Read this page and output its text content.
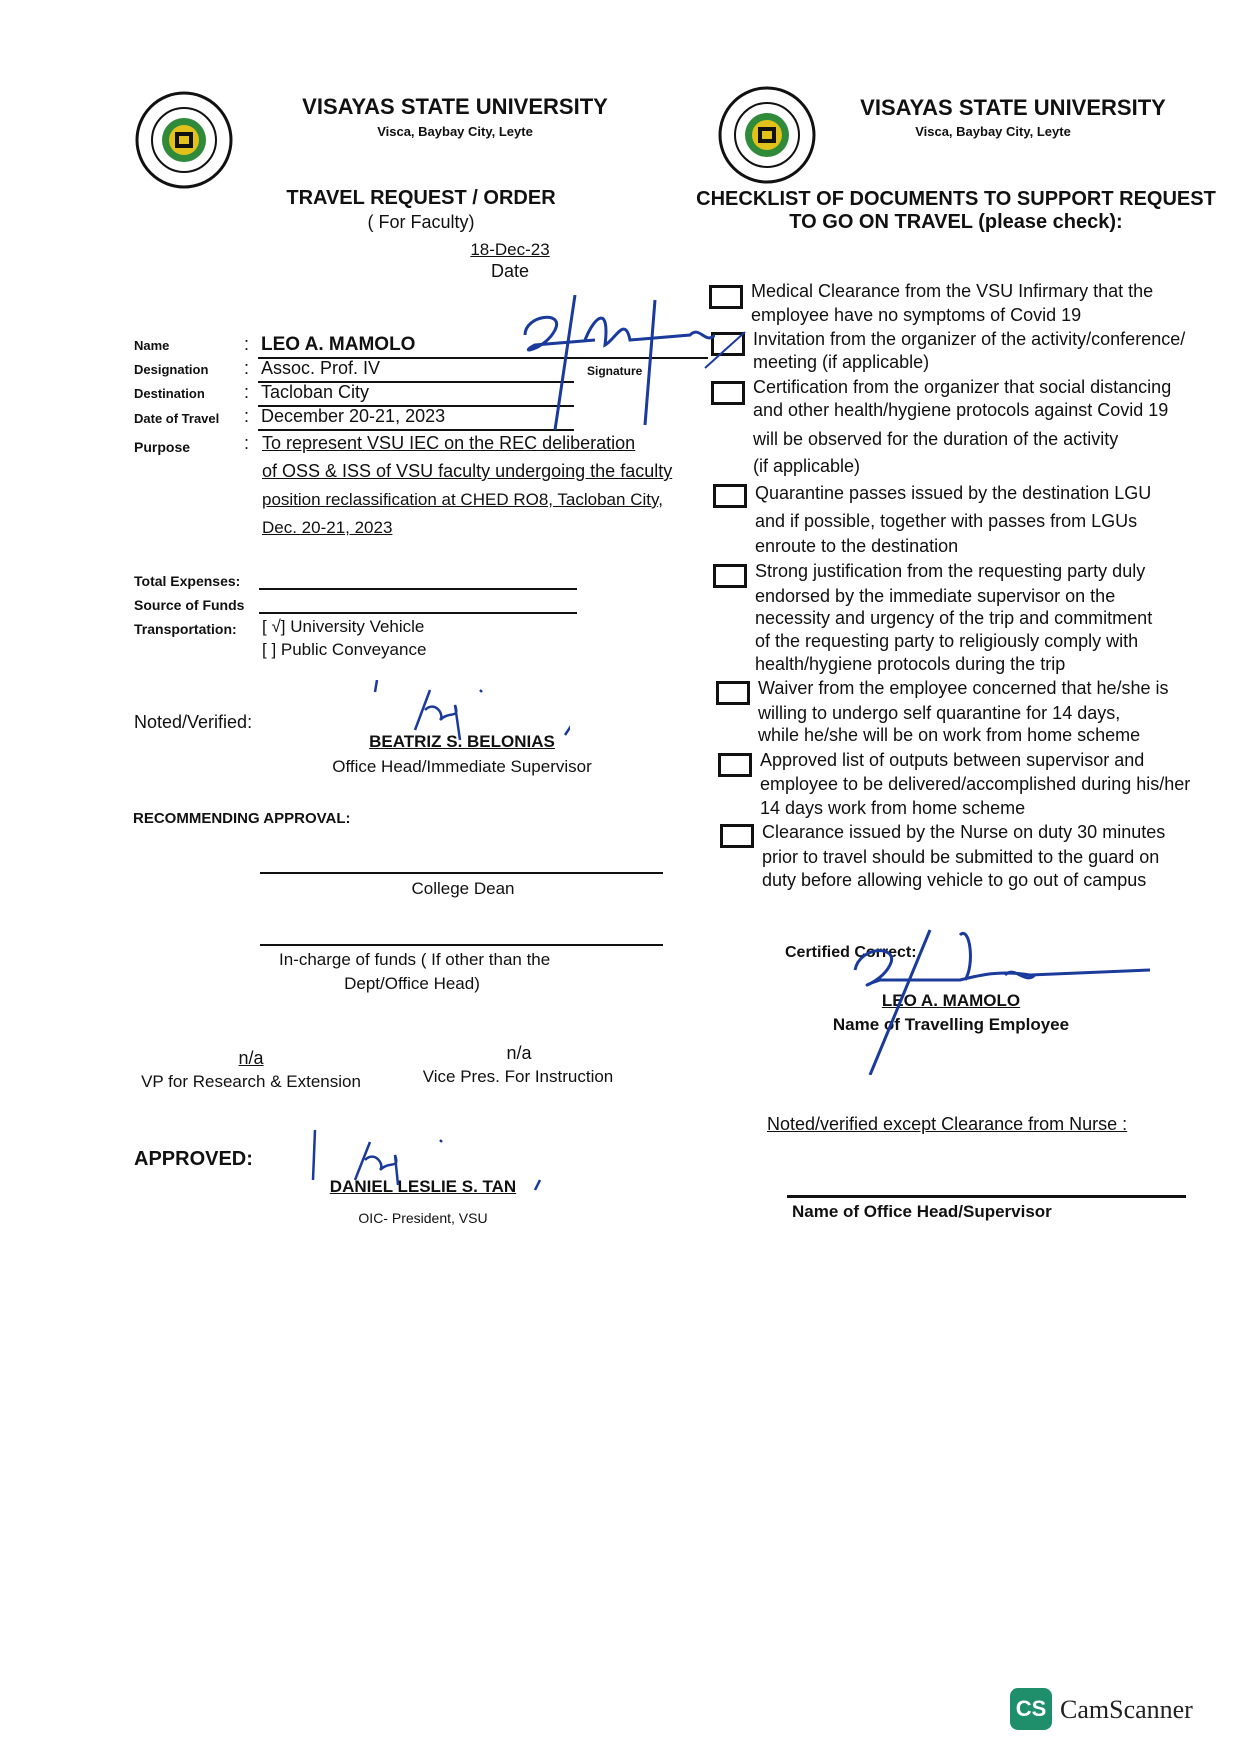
VISAYAS STATE UNIVERSITY
Visca, Baybay City, Leyte
VISAYAS STATE UNIVERSITY
Visca, Baybay City, Leyte
TRAVEL REQUEST / ORDER
( For Faculty)
18-Dec-23
Date
Name	: LEO A. MAMOLO
Designation : Assoc. Prof. IV	Signature
Destination : Tacloban City
Date of Travel : December 20-21, 2023
Purpose	: To represent VSU IEC on the REC deliberation
of OSS & ISS of VSU faculty undergoing the faculty
position reclassification at CHED RO8, Tacloban City,
Dec. 20-21, 2023
Total Expenses:
Source of Funds
Transportation: [ √] University Vehicle
[ ] Public Conveyance
Noted/Verified:
BEATRIZ S. BELONIAS
Office Head/Immediate Supervisor
RECOMMENDING APPROVAL:
College Dean
In-charge of funds ( If other than the
Dept/Office Head)
n/a
VP for Research & Extension
n/a
Vice Pres. For Instruction
APPROVED:
DANIEL LESLIE S. TAN
OIC- President, VSU
CHECKLIST OF DOCUMENTS TO SUPPORT REQUEST
TO GO ON TRAVEL (please check):
Medical Clearance from the VSU Infirmary that the
employee have no symptoms of Covid 19
Invitation from the organizer of the activity/conference/
meeting (if applicable)
Certification from the organizer that social distancing
and other health/hygiene protocols against Covid 19
will be observed for the duration of the activity
(if applicable)
Quarantine passes issued by the destination LGU
and if possible, together with passes from LGUs
enroute to the destination
Strong justification from the requesting party duly
endorsed by the immediate supervisor on the
necessity and urgency of the trip and commitment
of the requesting party to religiously comply with
health/hygiene protocols during the trip
Waiver from the employee concerned that he/she is
willing to undergo self quarantine for 14 days,
while he/she will be on work from home scheme
Approved list of outputs between supervisor and
employee to be delivered/accomplished during his/her
14 days work from home scheme
Clearance issued by the Nurse on duty 30 minutes
prior to travel should be submitted to the guard on
duty before allowing vehicle to go out of campus
Certified Correct:
LEO A. MAMOLO
Name of Travelling Employee
Noted/verified except Clearance from Nurse :
Name of Office Head/Supervisor
CS CamScanner
